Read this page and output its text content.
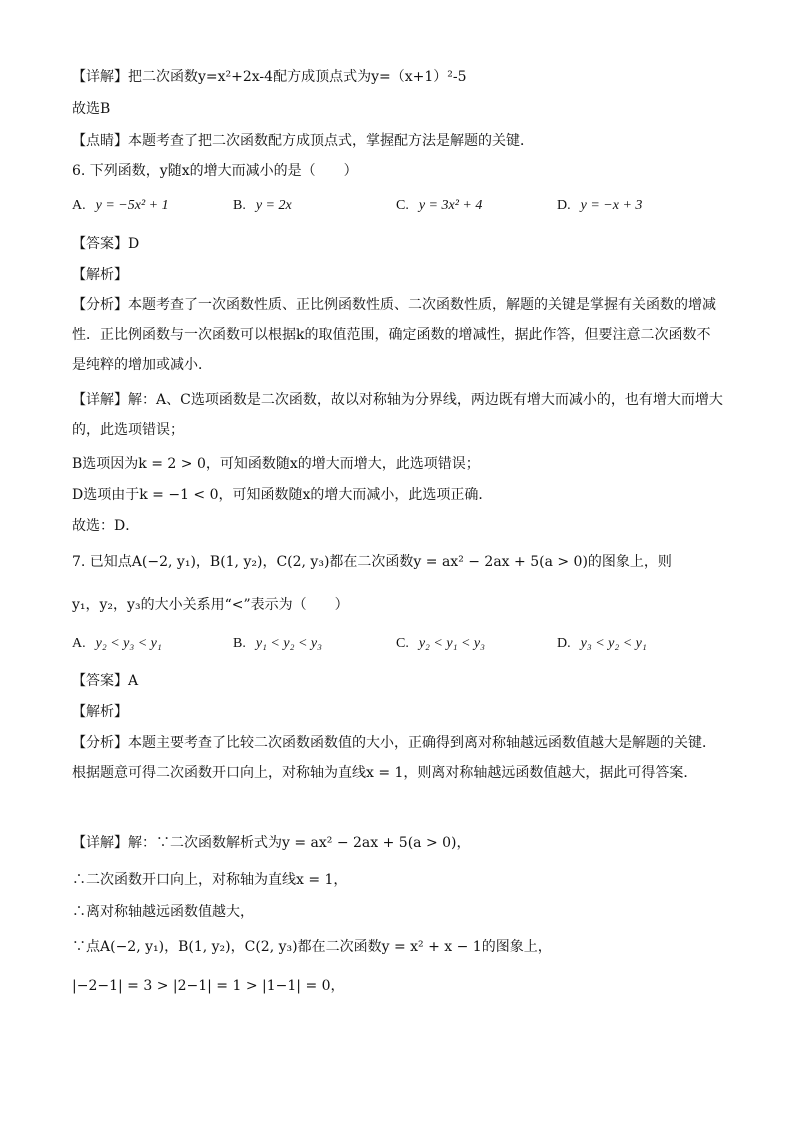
【详解】把二次函数y=x²+2x-4配方成顶点式为y=（x+1）²-5
故选B
【点睛】本题考查了把二次函数配方成顶点式，掌握配方法是解题的关键．
6. 下列函数，y随x的增大而减小的是（　　）
A. y = −5x² + 1	B. y = 2x	C. y = 3x² + 4	D. y = −x + 3
【答案】D
【解析】
【分析】本题考查了一次函数性质、正比例函数性质、二次函数性质，解题的关键是掌握有关函数的增减性．正比例函数与一次函数可以根据k的取值范围，确定函数的增减性，据此作答，但要注意二次函数不是纯粹的增加或减小．
【详解】解：A、C选项函数是二次函数，故以对称轴为分界线，两边既有增大而减小的，也有增大而增大的，此选项错误；
B选项因为k = 2 > 0，可知函数随x的增大而增大，此选项错误；
D选项由于k = −1 < 0，可知函数随x的增大而减小，此选项正确．
故选：D．
7. 已知点A(−2, y₁)，B(1, y₂)，C(2, y₃)都在二次函数y = ax² − 2ax + 5(a > 0)的图象上，则
y₁，y₂，y₃的大小关系用“<”表示为（　　）
A. y₂ < y₃ < y₁	B. y₁ < y₂ < y₃	C. y₂ < y₁ < y₃	D. y₃ < y₂ < y₁
【答案】A
【解析】
【分析】本题主要考查了比较二次函数函数值的大小，正确得到离对称轴越远函数值越大是解题的关键．根据题意可得二次函数开口向上，对称轴为直线x = 1，则离对称轴越远函数值越大，据此可得答案．
【详解】解：∵二次函数解析式为y = ax² − 2ax + 5(a > 0)，
∴二次函数开口向上，对称轴为直线x = 1，
∴离对称轴越远函数值越大，
∵点A(−2, y₁)，B(1, y₂)，C(2, y₃)都在二次函数y = x² + x − 1的图象上，
|−2−1| = 3 > |2−1| = 1 > |1−1| = 0，
